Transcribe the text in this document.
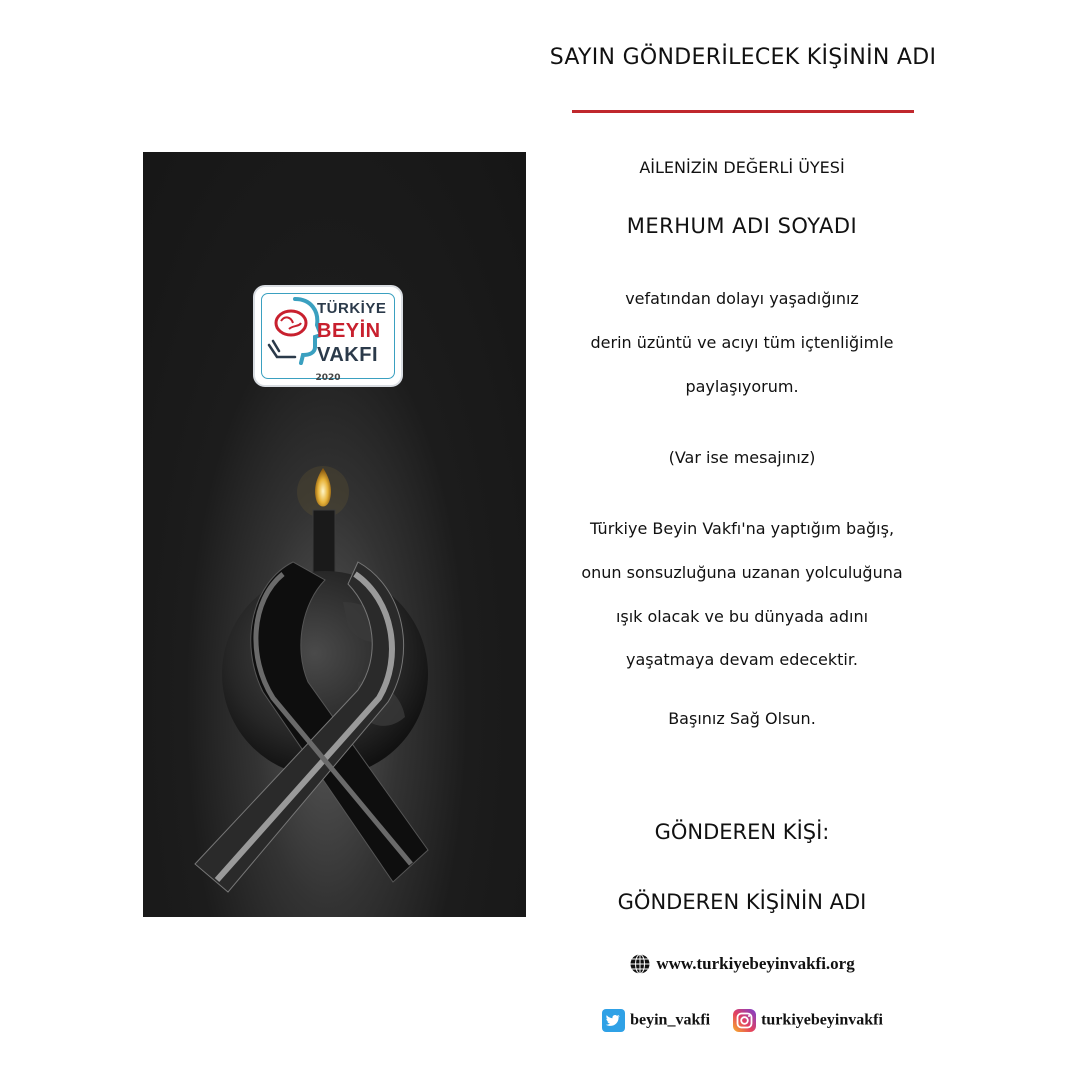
TÜRKİYE
BEYİN
VAKFI
2020
SAYIN GÖNDERİLECEK KİŞİNİN ADI
AİLENİZİN DEĞERLİ ÜYESİ
MERHUM ADI SOYADI
vefatından dolayı yaşadığınız
derin üzüntü ve acıyı tüm içtenliğimle
paylaşıyorum.
(Var ise mesajınız)
Türkiye Beyin Vakfı'na yaptığım bağış,
onun sonsuzluğuna uzanan yolculuğuna
ışık olacak ve bu dünyada adını
yaşatmaya devam edecektir.
Başınız Sağ Olsun.
GÖNDEREN KİŞİ:
GÖNDEREN KİŞİNİN ADI
www.turkiyebeyinvakfi.org
beyin_vakfi	turkiyebeyinvakfi
